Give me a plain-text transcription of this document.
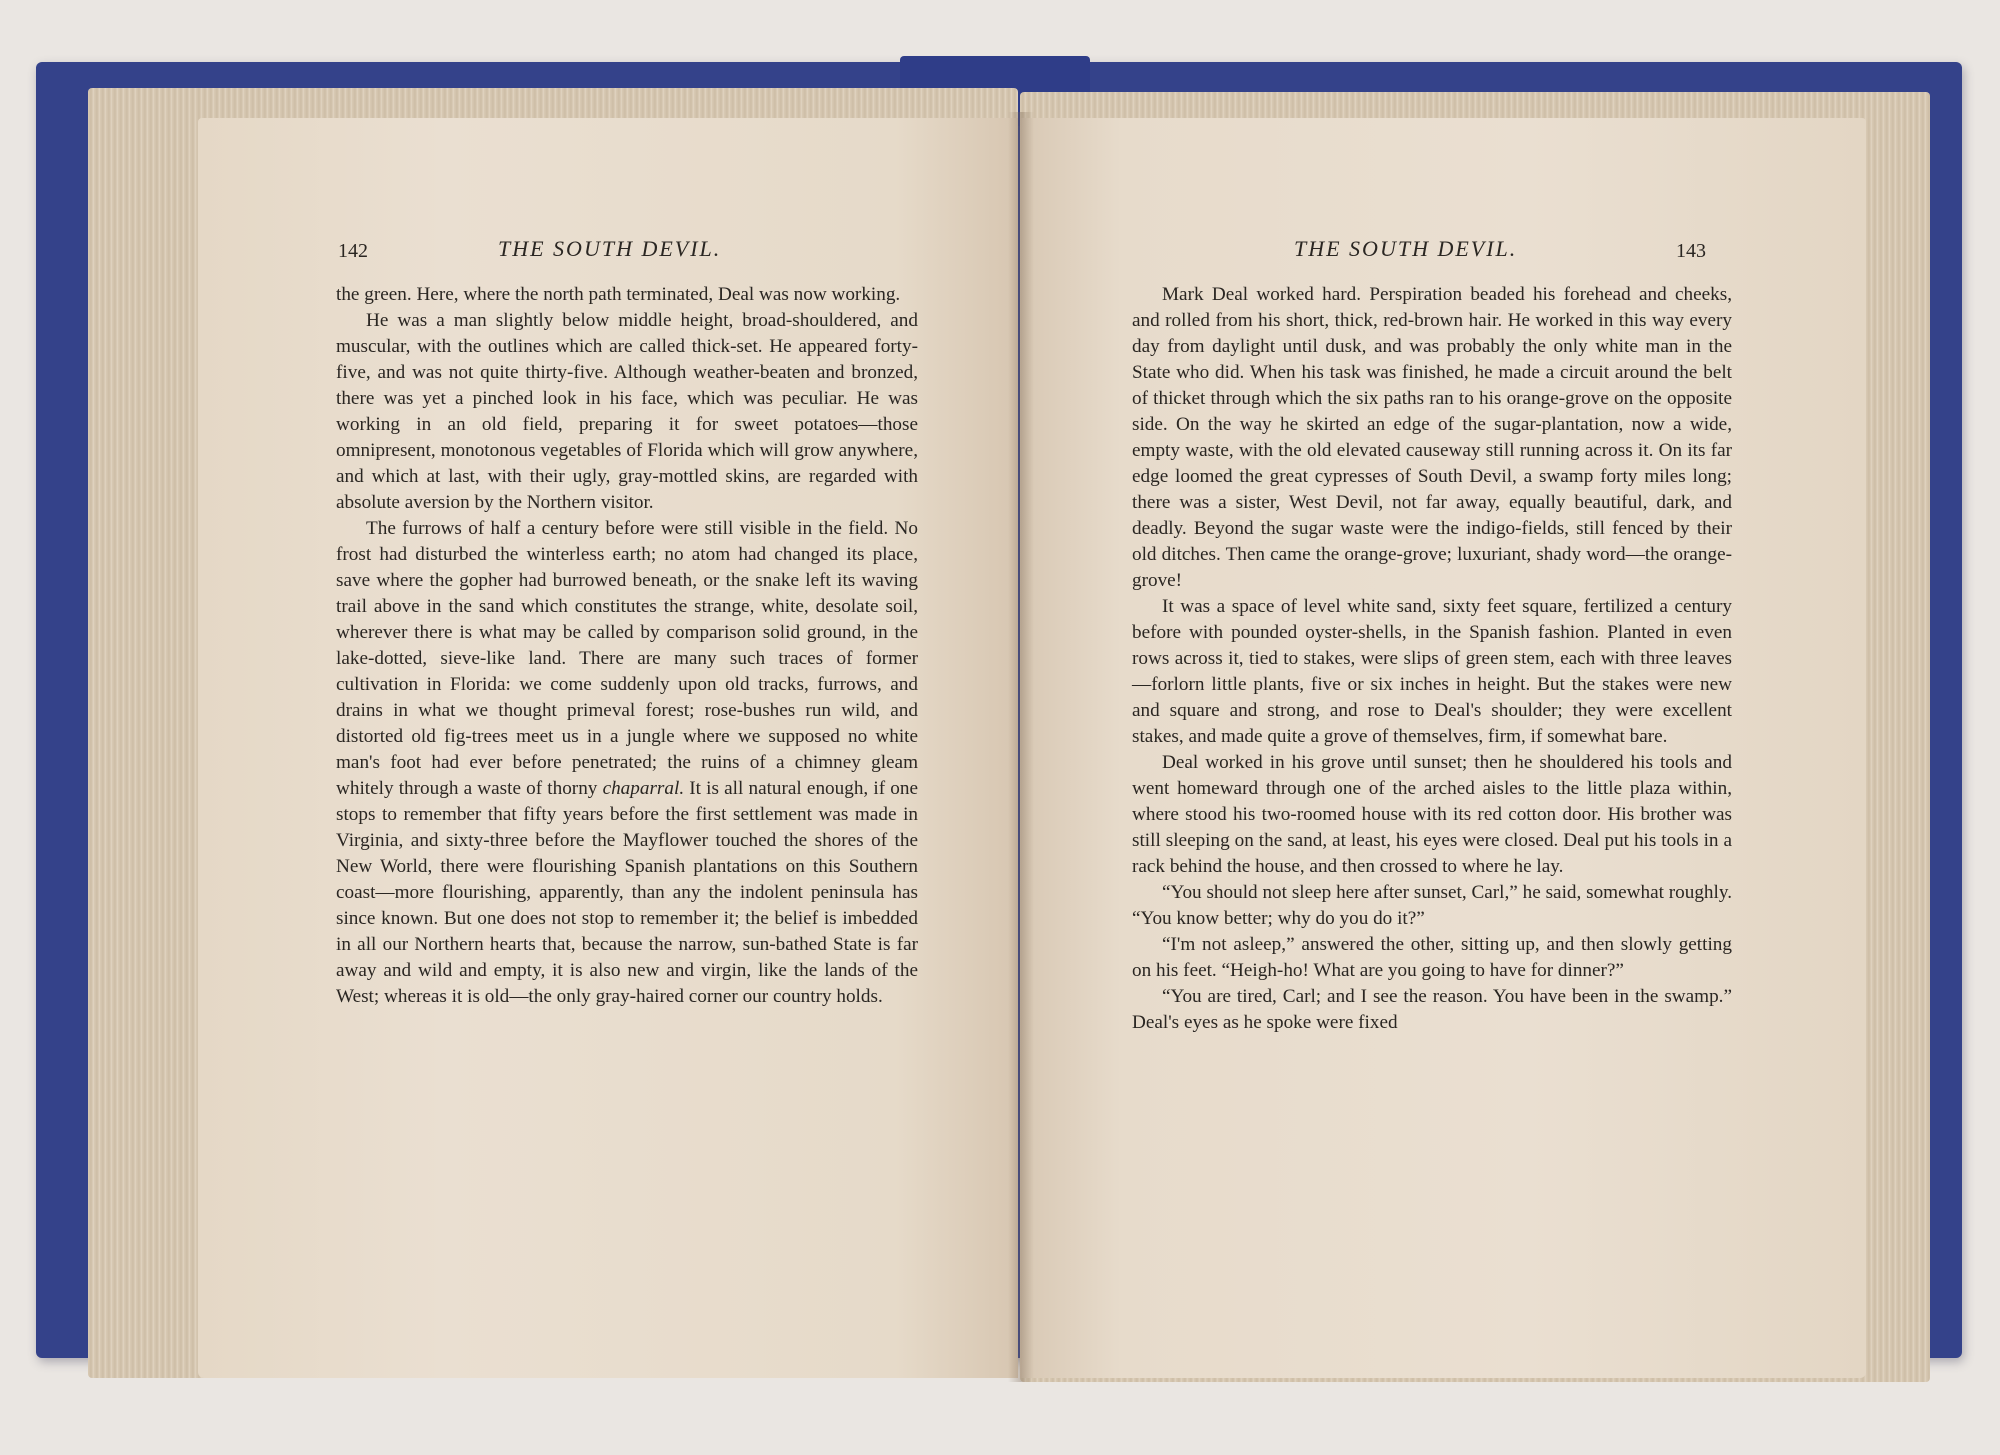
142	THE SOUTH DEVIL.

the green. Here, where the north path terminated, Deal was now working.

He was a man slightly below middle height, broad-shouldered, and muscular, with the outlines which are called thick-set. He appeared forty-five, and was not quite thirty-five. Although weather-beaten and bronzed, there was yet a pinched look in his face, which was peculiar. He was working in an old field, preparing it for sweet potatoes—those omnipresent, monotonous vegetables of Florida which will grow anywhere, and which at last, with their ugly, gray-mottled skins, are regarded with absolute aversion by the Northern visitor.

The furrows of half a century before were still visible in the field. No frost had disturbed the winterless earth; no atom had changed its place, save where the gopher had burrowed beneath, or the snake left its waving trail above in the sand which constitutes the strange, white, desolate soil, wherever there is what may be called by comparison solid ground, in the lake-dotted, sieve-like land. There are many such traces of former cultivation in Florida: we come suddenly upon old tracks, furrows, and drains in what we thought primeval forest; rose-bushes run wild, and distorted old fig-trees meet us in a jungle where we supposed no white man's foot had ever before penetrated; the ruins of a chimney gleam whitely through a waste of thorny chaparral. It is all natural enough, if one stops to remember that fifty years before the first settlement was made in Virginia, and sixty-three before the Mayflower touched the shores of the New World, there were flourishing Spanish plantations on this Southern coast—more flourishing, apparently, than any the indolent peninsula has since known. But one does not stop to remember it; the belief is imbedded in all our Northern hearts that, because the narrow, sun-bathed State is far away and wild and empty, it is also new and virgin, like the lands of the West; whereas it is old—the only gray-haired corner our country holds.

THE SOUTH DEVIL.	143

Mark Deal worked hard. Perspiration beaded his forehead and cheeks, and rolled from his short, thick, red-brown hair. He worked in this way every day from daylight until dusk, and was probably the only white man in the State who did. When his task was finished, he made a circuit around the belt of thicket through which the six paths ran to his orange-grove on the opposite side. On the way he skirted an edge of the sugar-plantation, now a wide, empty waste, with the old elevated causeway still running across it. On its far edge loomed the great cypresses of South Devil, a swamp forty miles long; there was a sister, West Devil, not far away, equally beautiful, dark, and deadly. Beyond the sugar waste were the indigo-fields, still fenced by their old ditches. Then came the orange-grove; luxuriant, shady word—the orange-grove!

It was a space of level white sand, sixty feet square, fertilized a century before with pounded oyster-shells, in the Spanish fashion. Planted in even rows across it, tied to stakes, were slips of green stem, each with three leaves—forlorn little plants, five or six inches in height. But the stakes were new and square and strong, and rose to Deal's shoulder; they were excellent stakes, and made quite a grove of themselves, firm, if somewhat bare.

Deal worked in his grove until sunset; then he shouldered his tools and went homeward through one of the arched aisles to the little plaza within, where stood his two-roomed house with its red cotton door. His brother was still sleeping on the sand, at least, his eyes were closed. Deal put his tools in a rack behind the house, and then crossed to where he lay.

“You should not sleep here after sunset, Carl,” he said, somewhat roughly. “You know better; why do you do it?”

“I'm not asleep,” answered the other, sitting up, and then slowly getting on his feet. “Heigh-ho! What are you going to have for dinner?”

“You are tired, Carl; and I see the reason. You have been in the swamp.” Deal's eyes as he spoke were fixed
